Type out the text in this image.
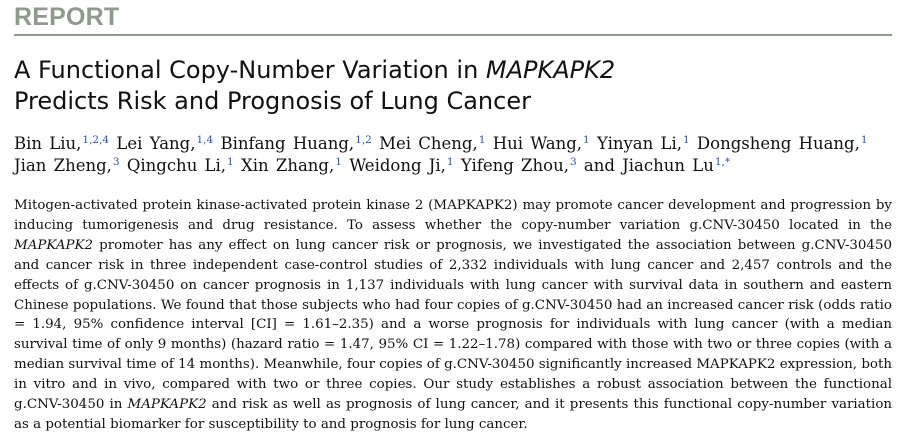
REPORT
A Functional Copy-Number Variation in MAPKAPK2
Predicts Risk and Prognosis of Lung Cancer
Bin Liu,$^{1,2,4}$ Lei Yang,$^{1,4}$ Binfang Huang,$^{1,2}$ Mei Cheng,$^1$ Hui Wang,$^1$ Yinyan Li,$^1$ Dongsheng Huang,$^1$ Jian Zheng,$^3$ Qingchu Li,$^1$ Xin Zhang,$^1$ Weidong Ji,$^1$ Yifeng Zhou,$^3$ and Jiachun $Lu^{1,*}$

Mitogen-activated protein kinase-activated protein kinase 2 (MAPKAPK2) may promote cancer development and progression by inducing tumorigenesis and drug resistance. To assess whether the copy-number variation g.CNV-30450 located in the MAPKAPK2 promoter has any effect on lung cancer risk or prognosis, we investigated the association between g.CNV-30450 and cancer risk in three independent case-control studies of 2,332 individuals with lung cancer and 2,457 controls and the effects of g.CNV-30450 on cancer prognosis in 1,137 individuals with lung cancer with survival data in southern and eastern Chinese populations. We found that those subjects who had four copies of g.CNV-30450 had an increased cancer risk (odds ratio = 1.94, 95% confidence interval [CI] = 1.61–2.35) and a worse prognosis for individuals with lung cancer (with a median survival time of only 9 months) (hazard ratio = 1.47, 95% CI = 1.22–1.78) compared with those with two or three copies (with a median survival time of 14 months). Meanwhile, four copies of g.CNV-30450 significantly increased MAPKAPK2 expression, both in vitro and in vivo, compared with two or three copies. Our study establishes a robust association between the functional g.CNV-30450 in MAPKAPK2 and risk as well as prognosis of lung cancer, and it presents this functional copy-number variation as a potential biomarker for susceptibility to and prognosis for lung cancer.
